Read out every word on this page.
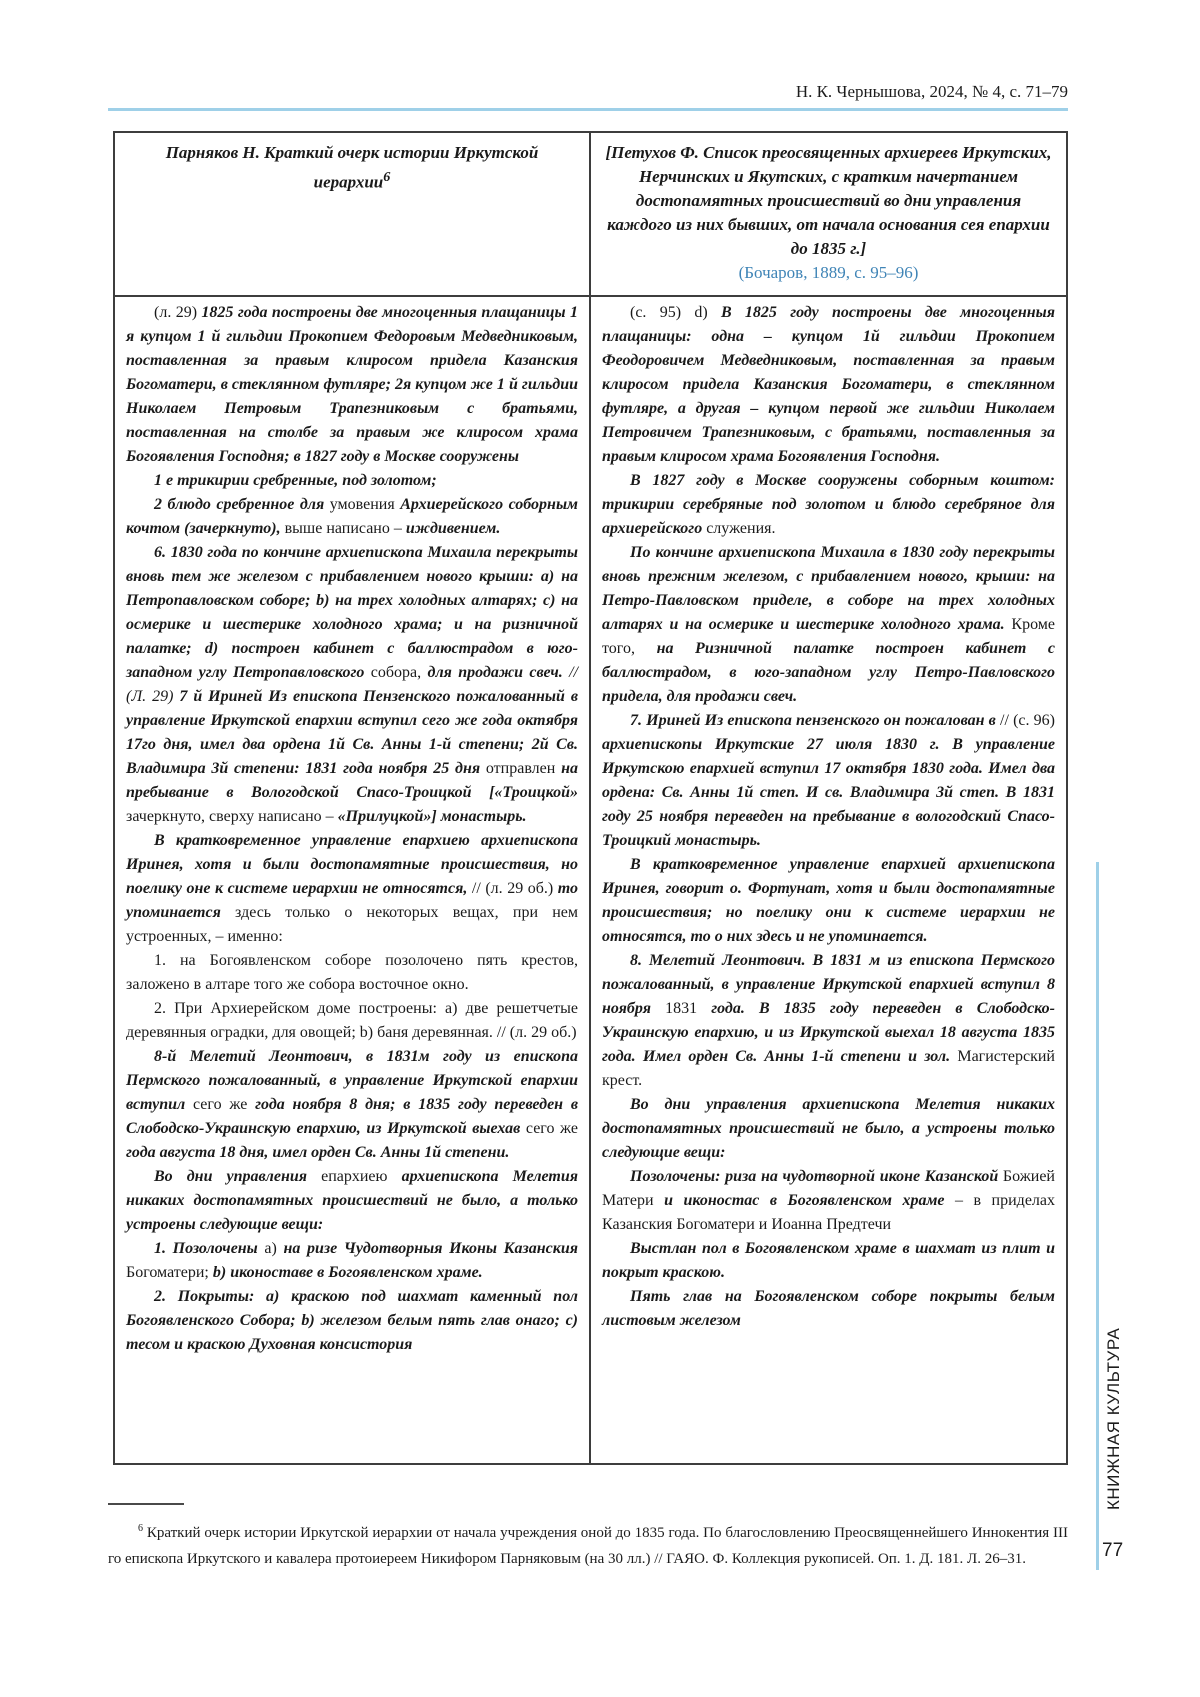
Н. К. Чернышова, 2024, № 4, с. 71–79
Парняков Н. Краткий очерк истории Иркутской иерархии$^6$
[Петухов Ф. Список преосвященных архиереев Иркутских, Нерчинских и Якутских, с кратким начертанием достопамятных происшествий во дни управления каждого из них бывших, от начала основания сея епархии до 1835 г.]
(Бочаров, 1889, с. 95–96)

(л. 29) 1825 года построены две многоценныя плащаницы 1 я купцом 1 й гильдии Прокопием Федоровым Медведниковым, поставленная за правым клиросом придела Казанския Богоматери, в стеклянном футляре; 2я купцом же 1 й гильдии Николаем Петровым Трапезниковым с братьями, поставленная на столбе за правым же клиросом храма Богоявления Господня; в 1827 году в Москве сооружены

1 е трикирии сребренные, под золотом;

2 блюдо сребренное для умовения Архиерейского соборным кочтом (зачеркнуто), выше написано – иждивением.

6. 1830 года по кончине архиепископа Михаила перекрыты вновь тем же железом с прибавлением нового крыши: а) на Петропавловском соборе; b) на трех холодных алтарях; c) на осмерике и шестерике холодного храма; и на ризничной палатке; d) построен кабинет с баллюстрадом в юго-западном углу Петропавловского собора, для продажи свеч. // (Л. 29) 7 й Ириней Из епископа Пензенского пожалованный в управление Иркутской епархии вступил сего же года октября 17го дня, имел два ордена 1й Св. Анны 1-й степени; 2й Св. Владимира 3й степени: 1831 года ноября 25 дня отправлен на пребывание в Вологодской Спасо-Троицкой [«Троицкой» зачеркнуто, сверху написано – «Прилуцкой»] монастырь.

В кратковременное управление епархиею архиепископа Иринея, хотя и были достопамятные происшествия, но поелику оне к системе иерархии не относятся, // (л. 29 об.) то упоминается здесь только о некоторых вещах, при нем устроенных, – именно:

1. на Богоявленском соборе позолочено пять крестов, заложено в алтаре того же собора восточное окно.

2. При Архиерейском доме построены: а) две решетчетые деревянныя оградки, для овощей; b) баня деревянная. // (л. 29 об.)

8-й Мелетий Леонтович, в 1831м году из епископа Пермского пожалованный, в управление Иркутской епархии вступил сего же года ноября 8 дня; в 1835 году переведен в Слободско-Украинскую епархию, из Иркутской выехав сего же года августа 18 дня, имел орден Св. Анны 1й степени.

Во дни управления епархиею архиепископа Мелетия никаких достопамятных происшествий не было, а только устроены следующие вещи:

1. Позолочены а) на ризе Чудотворныя Иконы Казанския Богоматери; b) иконоставе в Богоявленском храме.

2. Покрыты: а) краскою под шахмат каменный пол Богоявленского Собора; b) железом белым пять глав онаго; c) тесом и краскою Духовная консистория

(с. 95) d) В 1825 году построены две многоценныя плащаницы: одна – купцом 1й гильдии Прокопием Феодоровичем Медведниковым, поставленная за правым клиросом придела Казанския Богоматери, в стеклянном футляре, а другая – купцом первой же гильдии Николаем Петровичем Трапезниковым, с братьями, поставленныя за правым клиросом храма Богоявления Господня.

В 1827 году в Москве сооружены соборным коштом: трикирии серебряные под золотом и блюдо серебряное для архиерейского служения.

По кончине архиепископа Михаила в 1830 году перекрыты вновь прежним железом, с прибавлением нового, крыши: на Петро-Павловском приделе, в соборе на трех холодных алтарях и на осмерике и шестерике холодного храма. Кроме того, на Ризничной палатке построен кабинет с баллюстрадом, в юго-западном углу Петро-Павловского придела, для продажи свеч.

7. Ириней Из епископа пензенского он пожалован в // (с. 96) архиепископы Иркутские 27 июля 1830 г. В управление Иркутскою епархией вступил 17 октября 1830 года. Имел два ордена: Св. Анны 1й степ. И св. Владимира 3й степ. В 1831 году 25 ноября переведен на пребывание в вологодский Спасо-Троицкий монастырь.

В кратковременное управление епархией архиепископа Иринея, говорит о. Фортунат, хотя и были достопамятные происшествия; но поелику они к системе иерархии не относятся, то о них здесь и не упоминается.

8. Мелетий Леонтович. В 1831 м из епископа Пермского пожалованный, в управление Иркутской епархией вступил 8 ноября 1831 года. В 1835 году переведен в Слободско-Украинскую епархию, и из Иркутской выехал 18 августа 1835 года. Имел орден Св. Анны 1-й степени и зол. Магистерский крест.

Во дни управления архиепископа Мелетия никаких достопамятных происшествий не было, а устроены только следующие вещи:

Позолочены: риза на чудотворной иконе Казанской Божией Матери и иконостас в Богоявленском храме – в приделах Казанския Богоматери и Иоанна Предтечи

Выстлан пол в Богоявленском храме в шахмат из плит и покрыт краскою.

Пять глав на Богоявленском соборе покрыты белым листовым железом

$^6$ Краткий очерк истории Иркутской иерархии от начала учреждения оной до 1835 года. По благословлению Преосвященнейшего Иннокентия III го епископа Иркутского и кавалера протоиереем Никифором Парняковым (на 30 лл.) // ГАЯО. Ф. Коллекция рукописей. Оп. 1. Д. 181. Л. 26–31.
КНИЖНАЯ КУЛЬТУРА
77
